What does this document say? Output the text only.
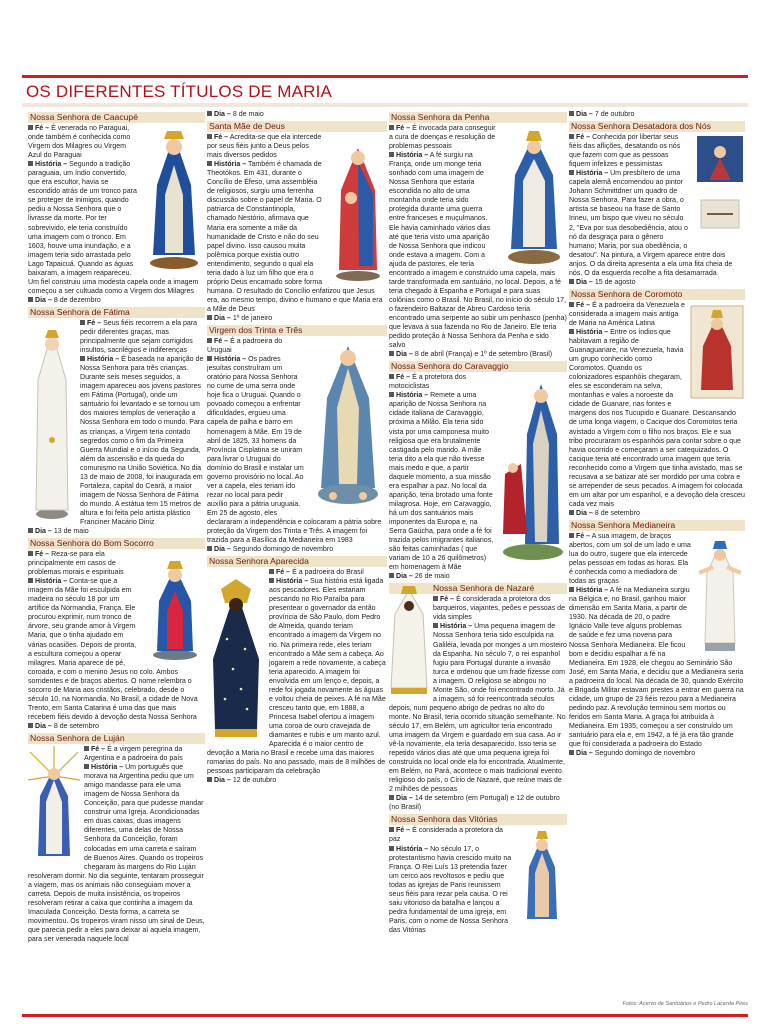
OS DIFERENTES TÍTULOS DE MARIA
Nossa Senhora de Caacupé
Fé – É venerada no Paraguai, onde também é conhecida como Virgem dos Milagres ou Virgem Azul do Paraguai
História – Segundo a tradição paraguaia, um índio convertido, que era escultor, havia se escondido atrás de um tronco para se proteger de inimigos, quando pediu a Nossa Senhora que o livrasse da morte. Por ter sobrevivido, ele teria construído uma imagem com o tronco. Em 1603, houve uma inundação, e a imagem teria sido arrastada pelo Lago Tapaicuá. Quando as águas baixaram, a imagem reapareceu. Um fiel construiu uma modesta capela onde a imagem começou a ser cultuada como a Virgem dos Milagres
Dia – 8 de dezembro
Nossa Senhora de Fátima
Fé – Seus fiéis recorrem a ela para pedir diferentes graças, mas principalmente que sejam corrigidos insultos, sacrilégios e indiferenças
História – É baseada na aparição de Nossa Senhora para três crianças. Durante seis meses seguidos, a imagem apareceu aos jovens pastores em Fátima (Portugal), onde um santuário foi levantado e se tornou um dos maiores templos de veneração a Nossa Senhora em todo o mundo. Para as crianças, a Virgem teria contado segredos como o fim da Primeira Guerra Mundial e o início da Segunda, além da ascensão e da queda do comunismo na União Soviética. No dia 13 de maio de 2008, foi inaugurada em Fortaleza, capital do Ceará, a maior imagem de Nossa Senhora de Fátima do mundo. A estátua tem 15 metros de altura e foi feita pelo artista plástico Franciner Macário Diniz
Dia – 13 de maio
Nossa Senhora do Bom Socorro
Fé – Reza-se para ela principalmente em casos de problemas morais e espirituais
História – Conta-se que a imagem da Mãe foi esculpida em madeira no século 18 por um artífice da Normandia, França. Ele procurou exprimir, num tronco de árvore, seu grande amor à Virgem Maria, que o tinha ajudado em várias ocasiões. Depois de pronta, a escultura começou a operar milagres. Maria aparece de pé, coroada, e com o menino Jesus no colo. Ambos sorridentes e de braços abertos. O nome relembra o socorro de Maria aos cristãos, celebrado, desde o século 10, na Normandia. No Brasil, a cidade de Nova Trento, em Santa Catarina é uma das que mais recebem fiéis devido à devoção desta Nossa Senhora
Dia – 8 de setembro
Nossa Senhora de Luján
Fé – É a virgem peregrina da Argentina e a padroeira do país
História – Um português que morava na Argentina pediu que um amigo mandasse para ele uma imagem de Nossa Senhora da Conceição, para que pudesse mandar construir uma Igreja. Acondicionadas em duas caixas, duas imagens diferentes, uma delas de Nossa Senhora da Conceição, foram colocadas em uma carreta e saíram de Buenos Aires. Quando os tropeiros chegaram às margens do Rio Luján resolveram dormir. No dia seguinte, tentaram prosseguir a viagem, mas os animais não conseguiam mover a carreta. Depois de muita insistência, os tropeiros resolveram retirar a caixa que continha a imagem da Imaculada Conceição. Desta forma, a carreta se movimentou. Os tropeiros viram nisso um sinal de Deus, que parecia pedir a eles para deixar aí aquela imagem, para ser venerada naquele local
Dia – 8 de maio
Santa Mãe de Deus
Fé – Acredita-se que ela intercede por seus fiéis junto a Deus pelos mais diversos pedidos
História – Também é chamada de Theotókos. Em 431, durante o Concílio de Éfeso, uma assembléia de religiosos, surgiu uma ferrenha discussão sobre o papel de Maria. O patriarca de Constantinopla, chamado Nestório, afirmava que Maria era somente a mãe da humanidade de Cristo e não do seu papel divino. Isso causou muita polêmica porque existia outro entendimento, segundo o qual ela teria dado à luz um filho que era o próprio Deus encarnado sobre forma humana. O resultado do Concílio enfatizou que Jesus era, ao mesmo tempo, divino e humano e que Maria era a Mãe de Deus
Dia – 1º de janeiro
Virgem dos Trinta e Três
Fé – É a padroeira do Uruguai
História – Os padres jesuítas construíram um oratório para Nossa Senhora no cume de uma serra onde hoje fica o Uruguai. Quando o povoado começou a enfrentar dificuldades, ergueu uma capela de palha e barro em homenagem à Mãe. Em 19 de abril de 1825, 33 homens da Província Cisplatina se uniram para livrar o Uruguai do domínio do Brasil e instalar um governo provisório no local. Ao ver a capela, eles teriam ido rezar no local para pedir auxílio para a pátria uruguaia. Em 25 de agosto, eles declararam a independência e colocaram a pátria sobre proteção da Virgem dos Trinta e Três. A imagem foi trazida para a Basílica da Medianeira em 1983
Dia – Segundo domingo de novembro
Nossa Senhora Aparecida
Fé – É a padroeira do Brasil
História – Sua história está ligada aos pescadores. Eles estariam pescando no Rio Paraíba para presentear o governador da então província de São Paulo, dom Pedro de Almeida, quando teriam encontrado a imagem da Virgem no rio. Na primeira rede, eles teriam encontrado a Mãe sem a cabeça. Ao jogarem a rede novamente, a cabeça teria aparecido. A imagem foi envolvida em um lenço e, depois, a rede foi jogada novamente às águas e voltou cheia de peixes. A fé na Mãe cresceu tanto que, em 1888, a Princesa Isabel ofertou a imagem uma coroa de ouro cravejada de diamantes e rubis e um manto azul. Aparecida é o maior centro de devoção a Maria no Brasil e recebe uma das maiores romarias do país. No ano passado, mais de 8 milhões de pessoas participaram da celebração
Dia – 12 de outubro
Nossa Senhora da Penha
Fé – É invocada para conseguir a cura de doenças e resolução de problemas pessoais
História – A fé surgiu na França, onde um monge teria sonhado com uma imagem de Nossa Senhora que estaria escondida no alto de uma montanha onde teria sido protegida durante uma guerra entre franceses e muçulmanos. Ele havia caminhado vários dias até que teria visto uma aparição de Nossa Senhora que indicou onde estava a imagem. Com a ajuda de pastores, ele teria encontrado a imagem e construído uma capela, mais tarde transformada em santuário, no local. Depois, a fé teria chegado à Espanha e Portugal e para suas colônias como o Brasil. No Brasil, no início do século 17, o fazendeiro Baltazar de Abreu Cardoso teria encontrado uma serpente ao subir um penhasco (penha) que levava à sua fazenda no Rio de Janeiro. Ele teria pedido proteção à Nossa Senhora da Penha e sido salvo
Dia – 8 de abril (França) e 1º de setembro (Brasil)
Nossa Senhora do Caravaggio
Fé – É a protetora dos motociclistas
História – Remete a uma aparição de Nossa Senhora na cidade italiana de Caravaggio, próxima a Milão. Ela teria sido vista por uma camponesa muito religiosa que era brutalmente castigada pelo marido. A mãe teria dito a ela que não tivesse mais medo e que, a partir daquele momento, a sua missão era espalhar a paz. No local da aparição, teria brotado uma fonte milagrosa. Hoje, em Caravaggio, há um dos santuários mais imponentes da Europa e, na Serra Gaúcha, para onde a fé foi trazida pelos imigrantes italianos, são feitas caminhadas ( que variam de 10 a 26 quilômetros) em homenagem à Mãe
Dia – 26 de maio
Nossa Senhora de Nazaré
Fé – É considerada a protetora dos barqueiros, viajantes, peões e pessoas de vida simples
História – Uma pequena imagem de Nossa Senhora teria sido esculpida na Galiléia, levada por monges a um mosteiro da Espanha. No século 7, o rei espanhol fugiu para Portugal durante a invasão turca e ordenou que um frade fizesse com a imagem. O religioso se abrigou no Monte São, onde foi encontrado morto. Já a imagem, só foi reencontrada séculos depois, num pequeno abrigo de pedras no alto do monte. No Brasil, teria ocorrido situação semelhante. No século 17, em Belém, um agricultor teria encontrado uma imagem da Virgem e guardado em sua casa. Ao ir vê-la novamente, ela teria desaparecido. Isso teria se repetido vários dias até que uma pequena igreja foi construída no local onde ela foi encontrada. Atualmente, em Belém, no Pará, acontece o mais tradicional evento religioso do país, o Círio de Nazaré, que reúne mais de 2 milhões de pessoas
Dia – 14 de setembro (em Portugal) e 12 de outubro (no Brasil)
Nossa Senhora das Vitórias
Fé – É considerada a protetora da paz
História – No século 17, o protestantismo havia crescido muito na França. O Rei Luís 13 pretendia fazer um cerco aos revoltosos e pediu que todas as igrejas de Paris reunissem seus fiéis para rezar pela causa. O rei saiu vitorioso da batalha e lançou a pedra fundamental de uma igreja, em Paris, com o nome de Nossa Senhora das Vitórias
Dia – 7 de outubro
Nossa Senhora Desatadora dos Nós
Fé – Conhecida por libertar seus fiéis das aflições, desatando os nós que fazem com que as pessoas fiquem infelizes e pessimistas
História – Um presbítero de uma capela alemã encomendou ao pintor Johann Schmittdner um quadro de Nossa Senhora. Para fazer a obra, o artista se baseou na frase de Santo Irineu, um bispo que viveu no século 2, "Eva por sua desobediência, atou o nó da desgraça para o gênero humano; Maria, por sua obediência, o desatou". Na pintura, a Virgem aparece entre dois anjos. O da direita apresenta a ela uma fita cheia de nós. O da esquerda recolhe a fita desamarrada
Dia – 15 de agosto
Nossa Senhora de Coromoto
Fé – É a padroeira da Venezuela e considerada a imagem mais antiga de Maria na América Latina
História – Entre os índios que habitavam a região de Guanaguanare, na Venezuela, havia um grupo conhecido como Coromotos. Quando os colonizadores espanhóis chegaram, eles se esconderam na selva, montanhas e vales a noroeste da cidade de Guanare, nas fontes e margens dos rios Tucupido e Guanare. Descansando de uma longa viagem, o Cacique dos Coromotos teria avistado a Virgem com o filho nos braços. Ele e sua tribo procuraram os espanhóis para contar sobre o que havia ocorrido e começaram a ser catequizados. O cacique teria até encontrado uma imagem que teria reconhecido como a Virgem que tinha avistado, mas se recusava a se batizar até ser mordido por uma cobra e se arrepender de seus pecados. A imagem foi colocada em um altar por um espanhol, e a devoção dela cresceu cada vez mais
Dia – 8 de setembro
Nossa Senhora Medianeira
Fé – A sua imagem, de braços abertos, com um sol de um lado e uma lua do outro, sugere que ela intercede pelas pessoas em todas as horas. Ela é conhecida como a mediadora de todas as graças
História – A fé na Medianeira surgiu na Bélgica e, no Brasil, ganhou maior dimensão em Santa Maria, a partir de 1930. Na década de 20, o padre Ignácio Valle teve alguns problemas de saúde e fez uma novena para Nossa Senhora Medianeira. Ele ficou bom e decidiu espalhar a fé na Medianeira. Em 1928, ele chegou ao Seminário São José, em Santa Maria, e decidiu que a Medianeira seria a padroeira do local. Na década de 30, quando Exército e Brigada Militar estavam prestes a entrar em guerra na cidade, um grupo de 23 fiéis rezou para a Medianeira pedindo paz. A revolução terminou sem mortos ou feridos em Santa Maria. A graça foi atribuída à Medianeira. Em 1935, começou a ser construído um santuário para ela e, em 1942, a fé já era tão grande que foi considerada a padroeira do Estado
Dia – Segundo domingo de novembro
Fotos: Acervo de Santuários e Pedro Lacerda Pires
